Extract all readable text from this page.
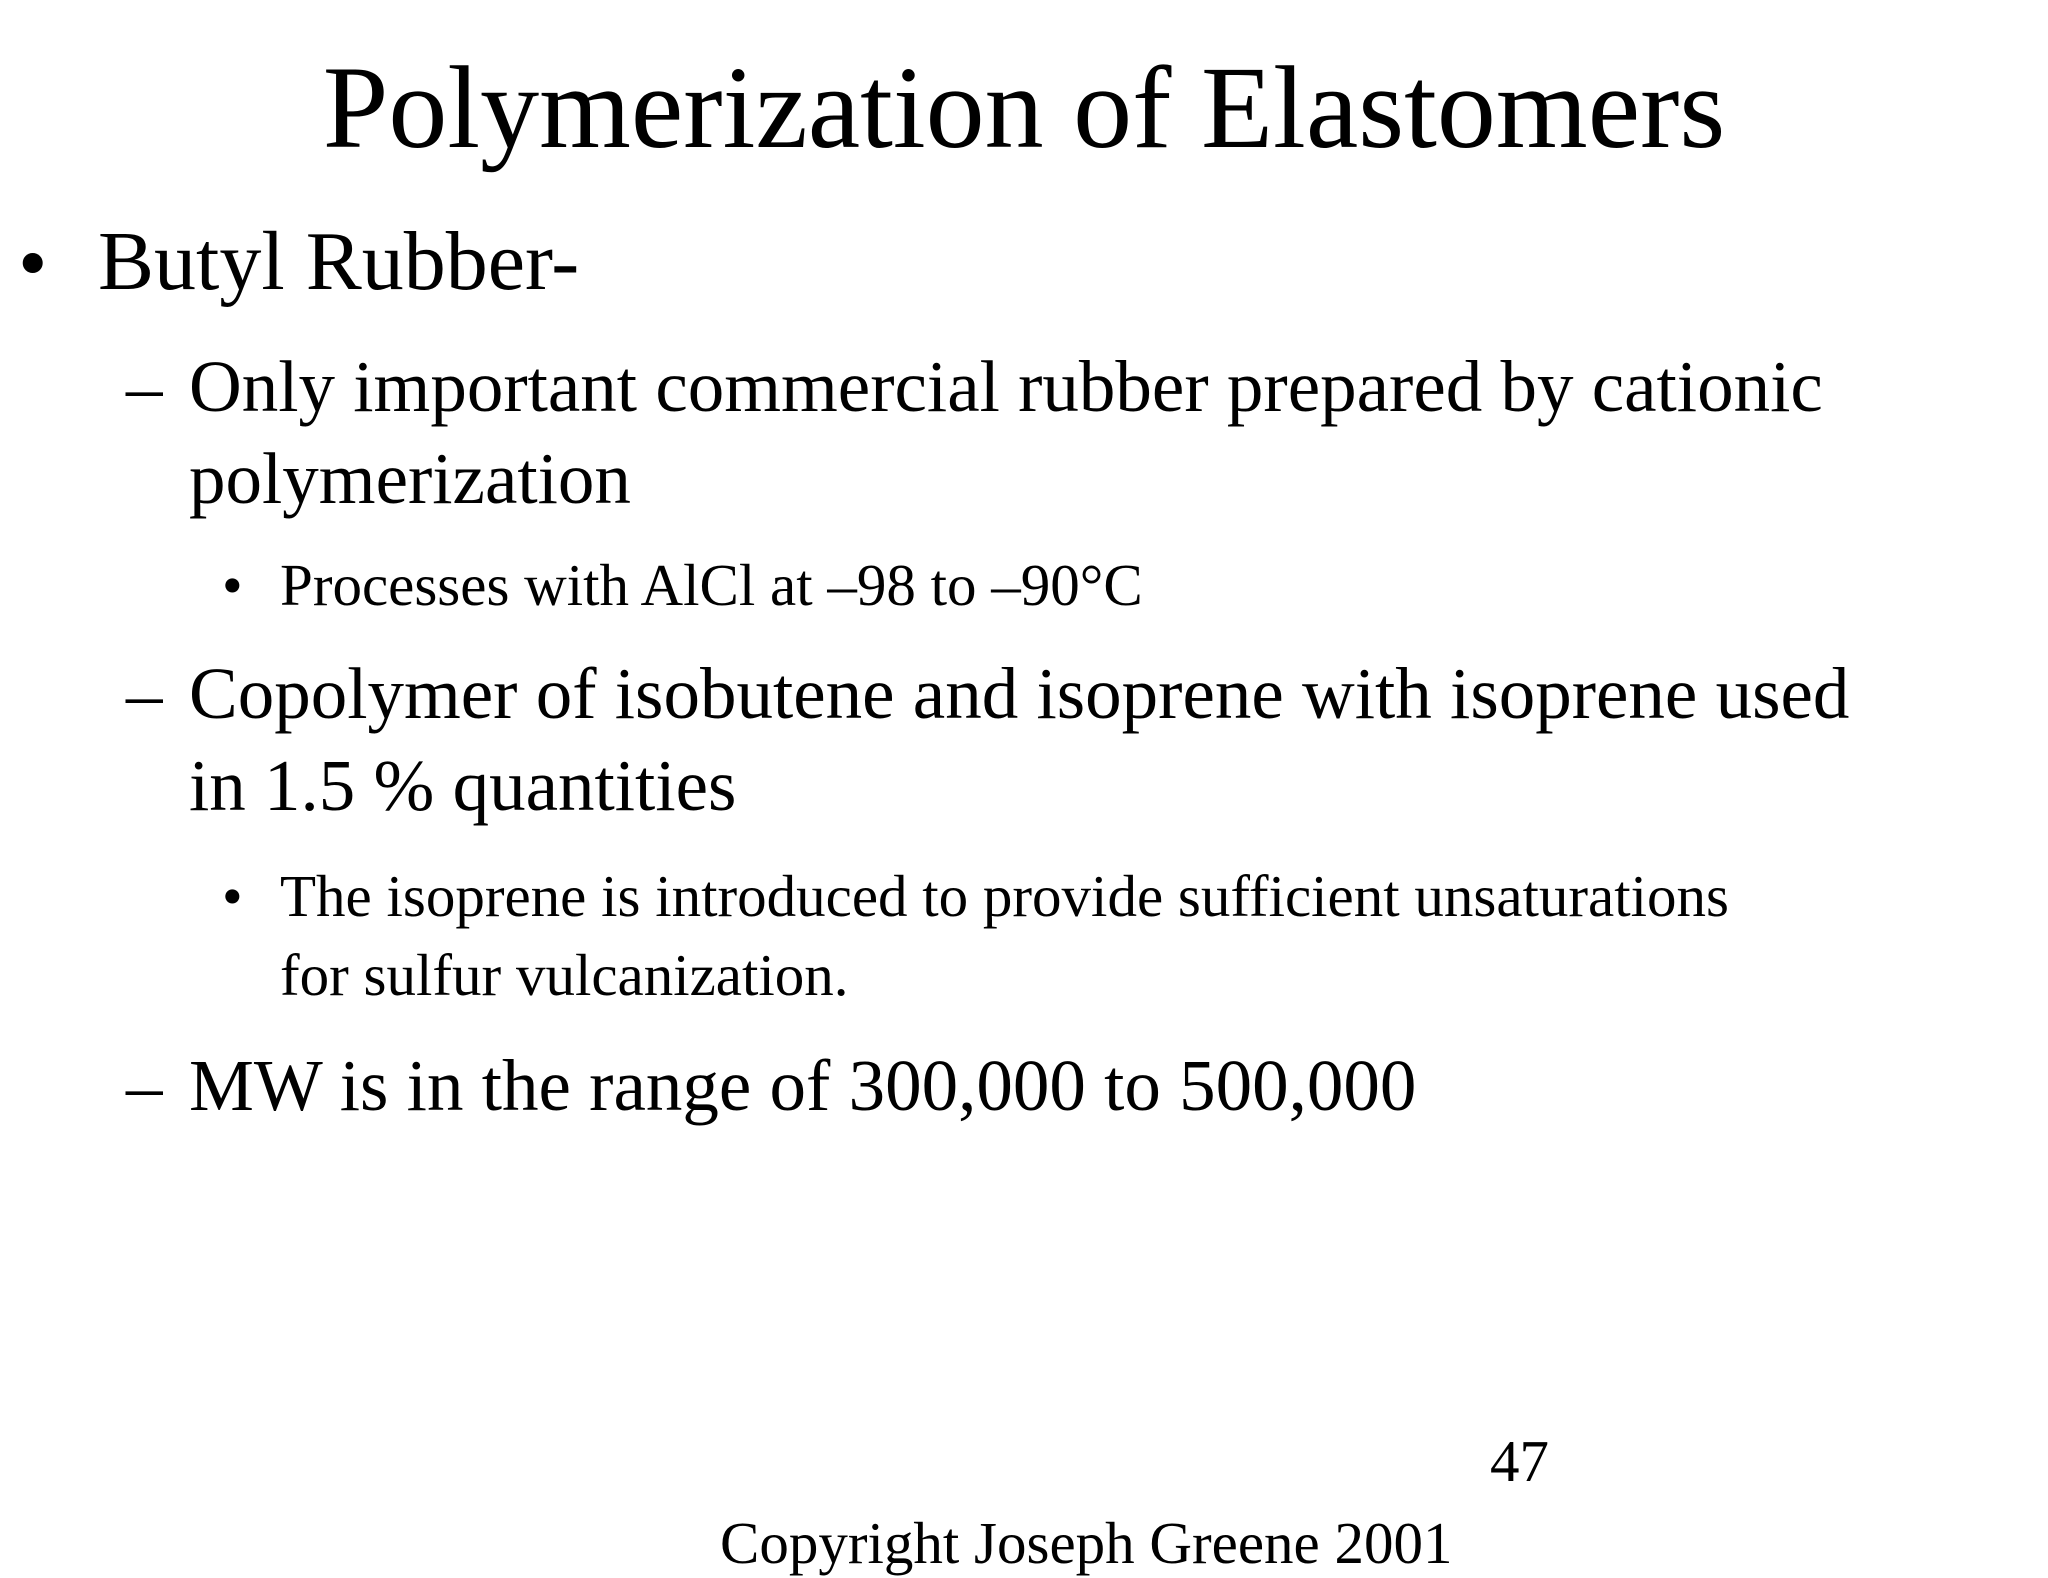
Polymerization of Elastomers
• Butyl Rubber-
– Only important commercial rubber prepared by cationic
polymerization
• Processes with AlCl at –98 to –90°C
– Copolymer of isobutene and isoprene with isoprene used
in 1.5 % quantities
• The isoprene is introduced to provide sufficient unsaturations
for sulfur vulcanization.
– MW is in the range of 300,000 to 500,000
47
Copyright Joseph Greene 2001
